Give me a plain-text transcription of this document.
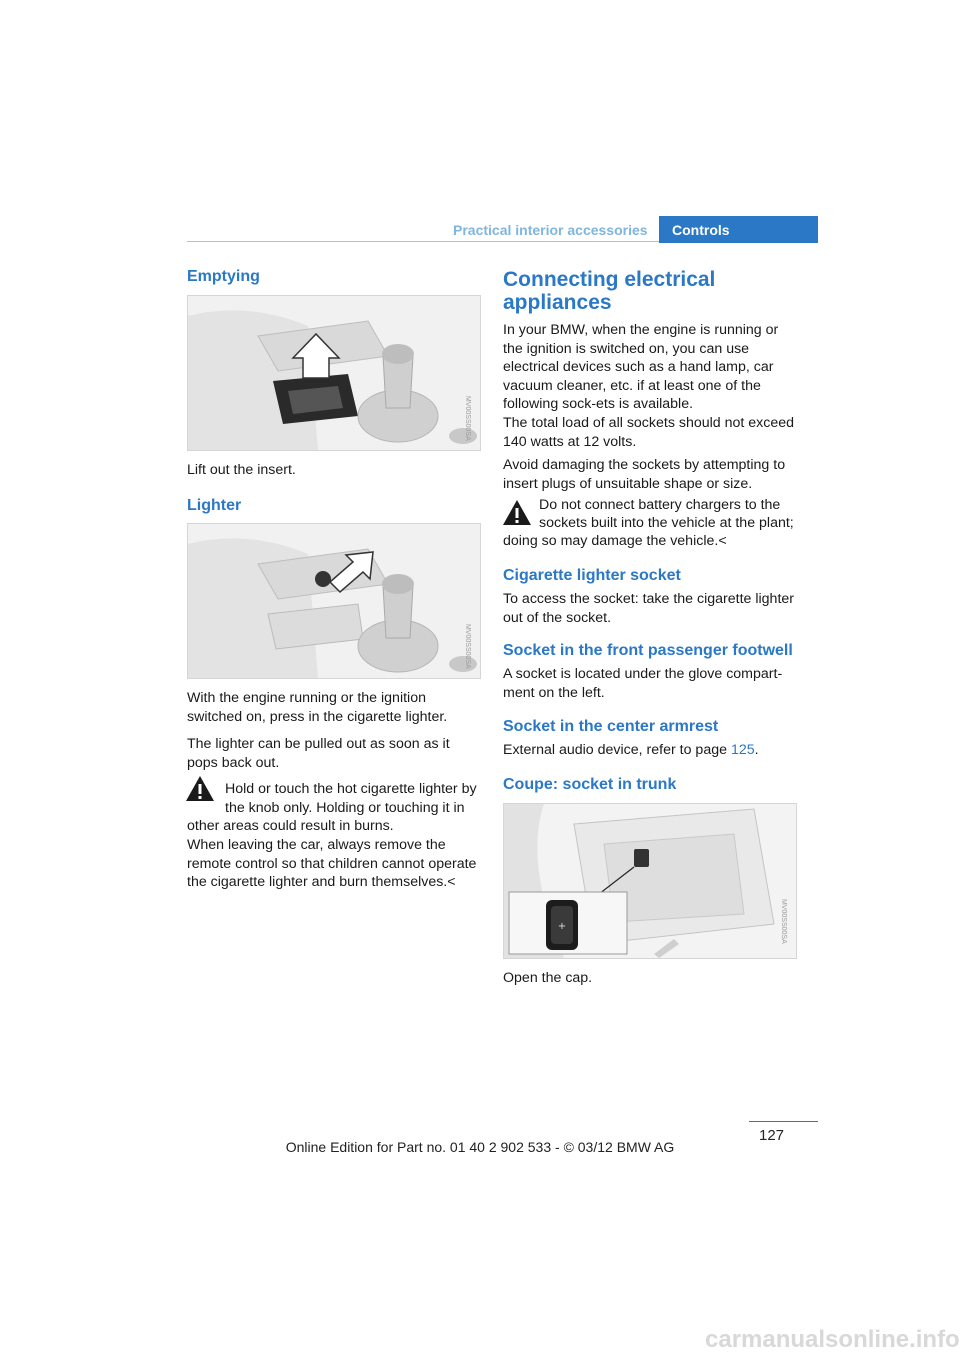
Practical interior accessories	Controls
Emptying
MV00SS00SA

Lift out the insert.

Lighter
MV00SS00SA

With the engine running or the ignition switched on, press in the cigarette lighter.

The lighter can be pulled out as soon as it pops back out.

Hold or touch the hot cigarette lighter by

the knob only. Holding or touching it in

other areas could result in burns.

When leaving the car, always remove the remote control so that children cannot operate the cigarette lighter and burn themselves.<

Connecting electrical
appliances

In your BMW, when the engine is running or the ignition is switched on, you can use electrical devices such as a hand lamp, car vacuum cleaner, etc. if at least one of the following sock-ets is available.

The total load of all sockets should not exceed 140 watts at 12 volts.

Avoid damaging the sockets by attempting to insert plugs of unsuitable shape or size.

Do not connect battery chargers to the

sockets built into the vehicle at the plant;

doing so may damage the vehicle.<

Cigarette lighter socket

To access the socket: take the cigarette lighter out of the socket.

Socket in the front passenger footwell

A socket is located under the glove compart-ment on the left.

Socket in the center armrest

External audio device, refer to page 125.

Coupe: socket in trunk
+	MV00SS00SA

Open the cap.

127
Online Edition for Part no. 01 40 2 902 533 - © 03/12 BMW AG
carmanualsonline.info
